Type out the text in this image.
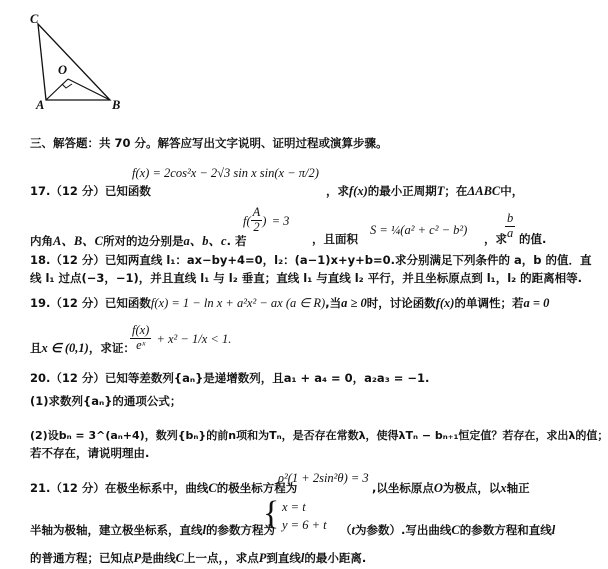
C
O
A	B
三、解答题：共 70 分。解答应写出文字说明、证明过程或演算步骤。
f(x) = 2cos²x − 2√3 sin x sin(x − π/2)
17.（12 分）已知函数	，求f(x)的最小正周期T；在ΔABC中，
内角A、B、C所对的边分别是a、b、c. 若
$f( \frac{A}{2}$ ) = 3
，且面积
S = ¼(a² + c² − b²)
，求
$\frac{b}{a}$ 的值.
18.（12 分）已知两直线 l₁：ax−by+4=0，l₂：(a−1)x+y+b=0.求分别满足下列条件的 a，b 的值．直
线 l₁ 过点(−3，−1)，并且直线 l₁ 与 l₂ 垂直；直线 l₁ 与直线 l₂ 平行，并且坐标原点到 l₁，l₂ 的距离相等.
19.（12 分）已知函数f(x) = 1 − ln x + a²x² − ax (a ∈ R),当a ≥ 0时，讨论函数f(x)的单调性；若a = 0
且x ∈ (0,1)，求证：
$\frac{f(x)}{\text{eˣ}} + x^2 - 1/x < 1$.
20.（12 分）已知等差数列{aₙ}是递增数列，且a₁ + a₄ = 0，a₂a₃ = −1.
(1)求数列{aₙ}的通项公式；
(2)设bₙ = 3^(aₙ+4)，数列{bₙ}的前n项和为Tₙ，是否存在常数λ，使得λTₙ − bₙ₊₁恒定值？若存在，求出λ的值；
若不存在，请说明理由.
21.（12 分）在极坐标系中，曲线C的极坐标方程为
ρ²(1 + 2sin²θ) = 3
,以坐标原点O为极点，以x轴正
半轴为极轴，建立极坐标系，直线l的参数方程为
{ x = t
y = 6 + t （t为参数）.写出曲线C的参数方程和直线l
的普通方程；已知点P是曲线C上一点，，求点P到直线l的最小距离.
